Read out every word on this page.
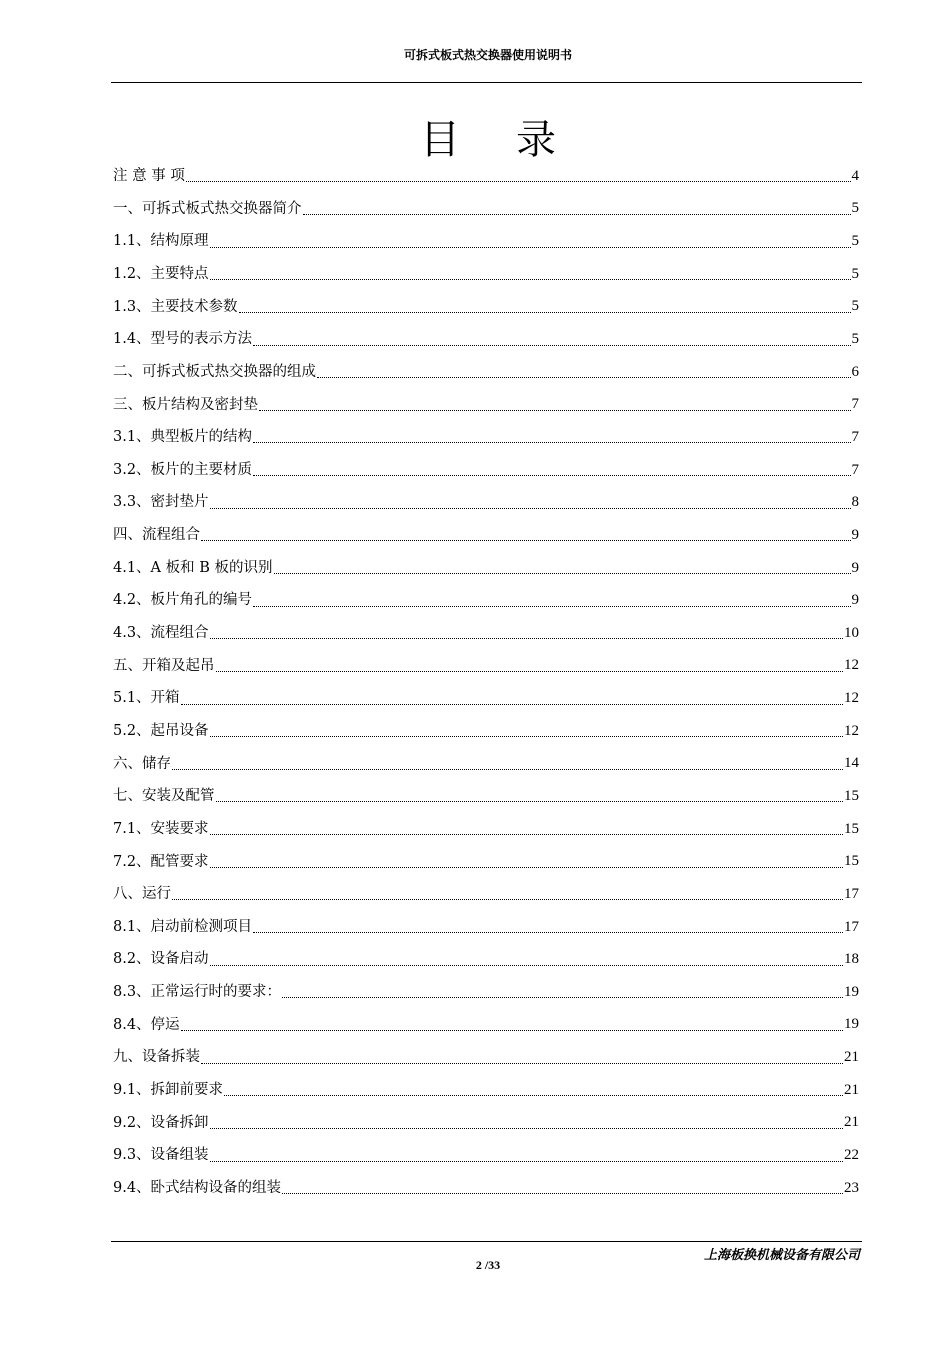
可拆式板式热交换器使用说明书
目录
注 意 事 项	4
一、可拆式板式热交换器简介	5
1.1、结构原理	5
1.2、主要特点	5
1.3、主要技术参数	5
1.4、型号的表示方法	5
二、可拆式板式热交换器的组成	6
三、板片结构及密封垫	7
3.1、典型板片的结构	7
3.2、板片的主要材质	7
3.3、密封垫片	8
四、流程组合	9
4.1、A 板和 B 板的识别	9
4.2、板片角孔的编号	9
4.3、流程组合	10
五、开箱及起吊	12
5.1、开箱	12
5.2、起吊设备	12
六、储存	14
七、安装及配管	15
7.1、安装要求	15
7.2、配管要求	15
八、运行	17
8.1、启动前检测项目	17
8.2、设备启动	18
8.3、正常运行时的要求：	19
8.4、停运	19
九、设备拆装	21
9.1、拆卸前要求	21
9.2、设备拆卸	21
9.3、设备组装	22
9.4、卧式结构设备的组装	23
上海板换机械设备有限公司
2 /33
